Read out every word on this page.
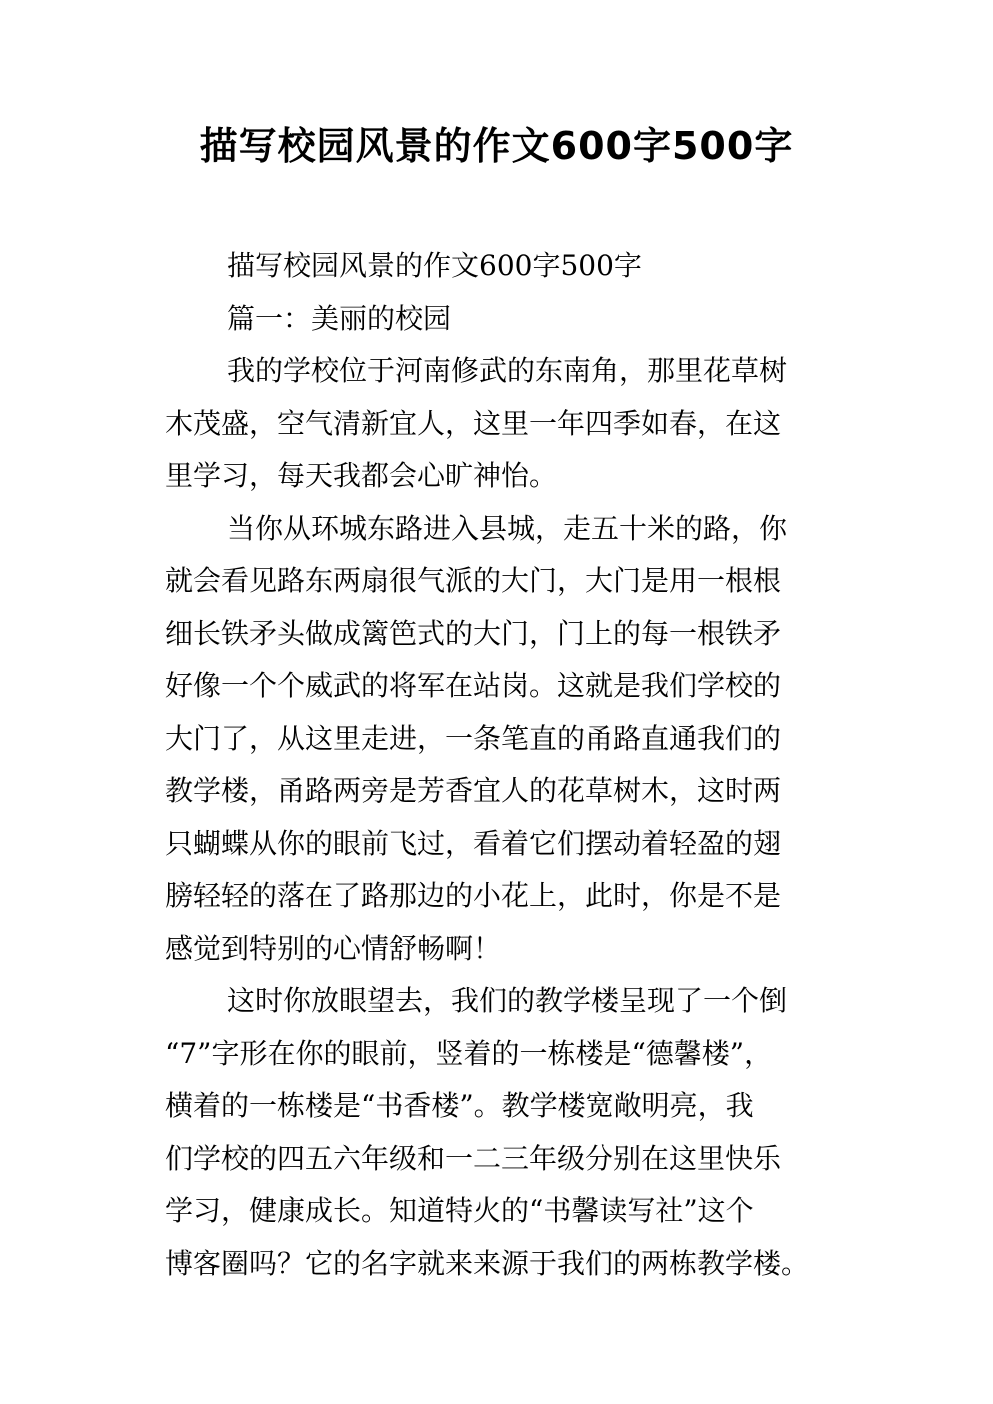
描写校园风景的作文600字500字
描写校园风景的作文600字500字
篇一：美丽的校园
我的学校位于河南修武的东南角，那里花草树
木茂盛，空气清新宜人，这里一年四季如春，在这
里学习，每天我都会心旷神怡。
当你从环城东路进入县城，走五十米的路，你
就会看见路东两扇很气派的大门，大门是用一根根
细长铁矛头做成篱笆式的大门，门上的每一根铁矛
好像一个个威武的将军在站岗。这就是我们学校的
大门了，从这里走进，一条笔直的甬路直通我们的
教学楼，甬路两旁是芳香宜人的花草树木，这时两
只蝴蝶从你的眼前飞过，看着它们摆动着轻盈的翅
膀轻轻的落在了路那边的小花上，此时，你是不是
感觉到特别的心情舒畅啊！
这时你放眼望去，我们的教学楼呈现了一个倒
“7”字形在你的眼前，竖着的一栋楼是“德馨楼”，
横着的一栋楼是“书香楼”。教学楼宽敞明亮，我
们学校的四五六年级和一二三年级分别在这里快乐
学习，健康成长。知道特火的“书馨读写社”这个
博客圈吗？它的名字就来来源于我们的两栋教学楼。
